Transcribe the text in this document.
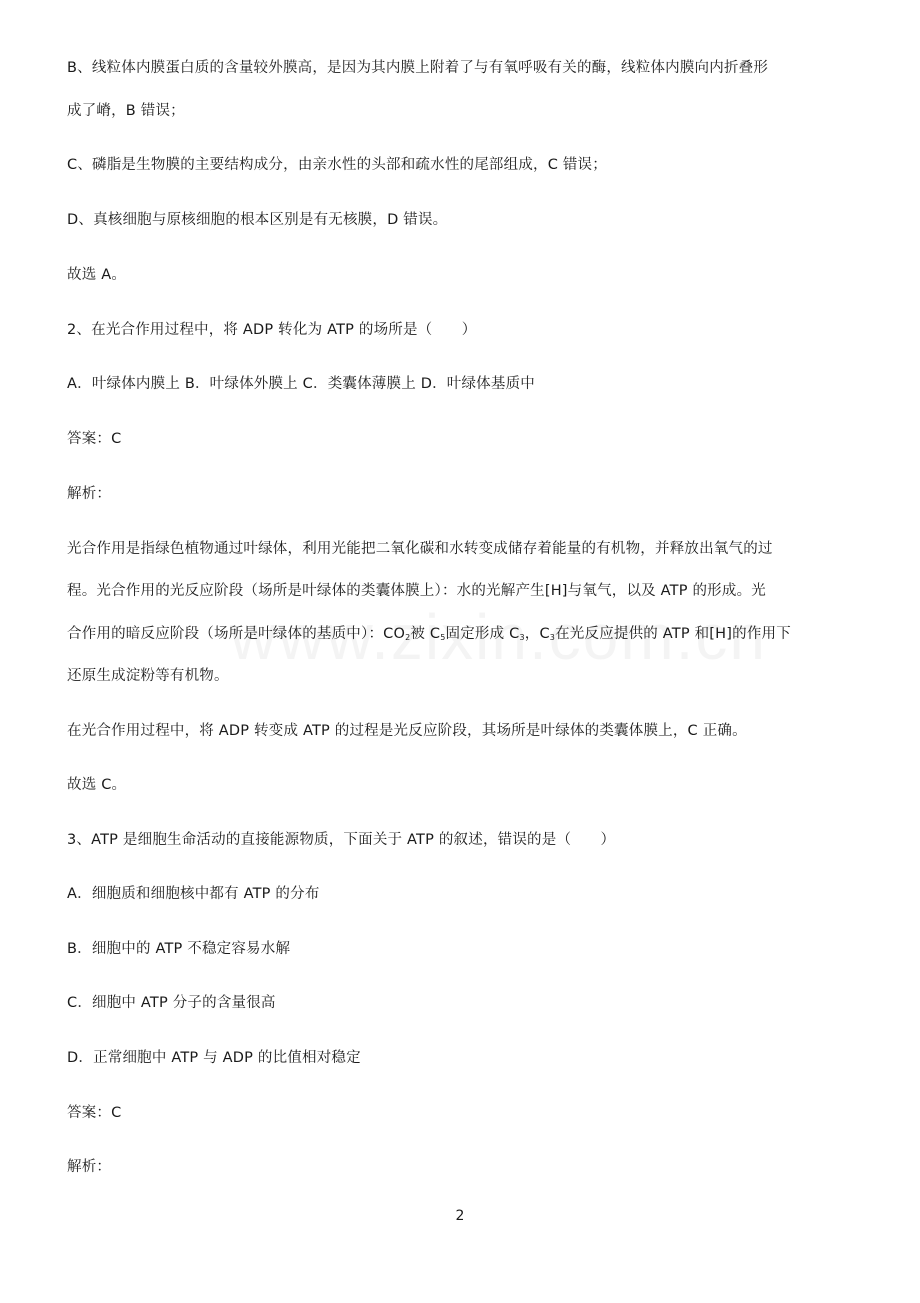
B、线粒体内膜蛋白质的含量较外膜高，是因为其内膜上附着了与有氧呼吸有关的酶，线粒体内膜向内折叠形
成了嵴，B 错误；
C、磷脂是生物膜的主要结构成分，由亲水性的头部和疏水性的尾部组成，C 错误；
D、真核细胞与原核细胞的根本区别是有无核膜，D 错误。
故选 A。
2、在光合作用过程中，将 ADP 转化为 ATP 的场所是（　　）
A．叶绿体内膜上 B．叶绿体外膜上 C．类囊体薄膜上 D．叶绿体基质中
答案：C
解析：
光合作用是指绿色植物通过叶绿体，利用光能把二氧化碳和水转变成储存着能量的有机物，并释放出氧气的过
程。光合作用的光反应阶段（场所是叶绿体的类囊体膜上）：水的光解产生[H]与氧气，以及 ATP 的形成。光
合作用的暗反应阶段（场所是叶绿体的基质中）：$CO_2$被 $C_5$固定形成 $C_3$，$C_3$在光反应提供的 ATP 和[H]的作用下
还原生成淀粉等有机物。
在光合作用过程中，将 ADP 转变成 ATP 的过程是光反应阶段，其场所是叶绿体的类囊体膜上，C 正确。
故选 C。
3、ATP 是细胞生命活动的直接能源物质，下面关于 ATP 的叙述，错误的是（　　）
A．细胞质和细胞核中都有 ATP 的分布
B．细胞中的 ATP 不稳定容易水解
C．细胞中 ATP 分子的含量很高
D．正常细胞中 ATP 与 ADP 的比值相对稳定
答案：C
解析：
2
